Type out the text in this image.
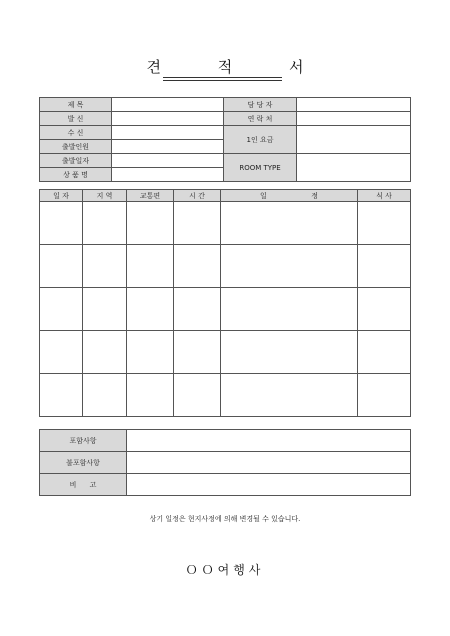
견 적 서
제 목		담 당 자	
발 신		연 락 처	
수 신		1인 요금	
출발인원			
출발일자		ROOM TYPE	
상 품 명			
일 자	지 역	교통편	시 간	일                    정	식 사

포함사항	
불포함사항	
비      고	
상기 일정은 현지사정에 의해 변경될 수 있습니다.
ＯＯ여행사
